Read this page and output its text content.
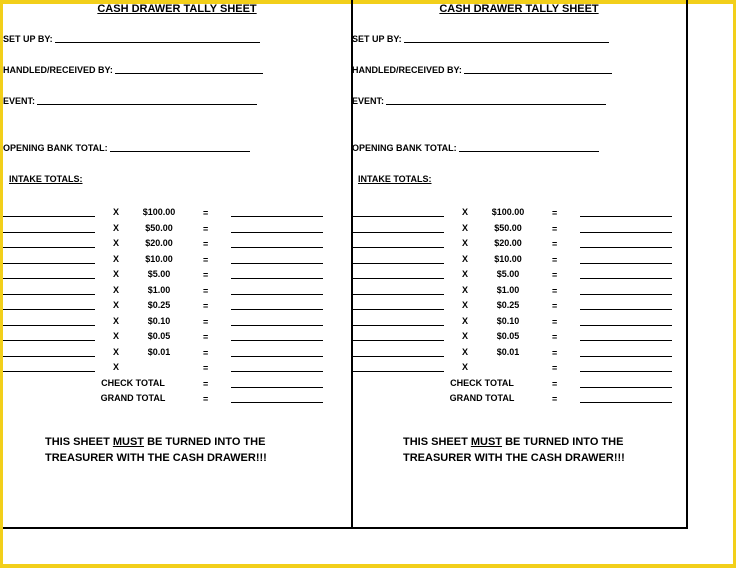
CASH DRAWER TALLY SHEET
SET UP BY:
HANDLED/RECEIVED BY:
EVENT:
OPENING BANK TOTAL:
INTAKE TOTALS:
X	$100.00	=
X	$50.00	=
X	$20.00	=
X	$10.00	=
X	$5.00	=
X	$1.00	=
X	$0.25	=
X	$0.10	=
X	$0.05	=
X	$0.01	=
X	=
CHECK TOTAL	=
GRAND TOTAL	=
THIS SHEET MUST BE TURNED INTO THE
TREASURER WITH THE CASH DRAWER!!!
CASH DRAWER TALLY SHEET
SET UP BY:
HANDLED/RECEIVED BY:
EVENT:
OPENING BANK TOTAL:
INTAKE TOTALS:
X	$100.00	=
X	$50.00	=
X	$20.00	=
X	$10.00	=
X	$5.00	=
X	$1.00	=
X	$0.25	=
X	$0.10	=
X	$0.05	=
X	$0.01	=
X	=
CHECK TOTAL	=
GRAND TOTAL	=
THIS SHEET MUST BE TURNED INTO THE
TREASURER WITH THE CASH DRAWER!!!
